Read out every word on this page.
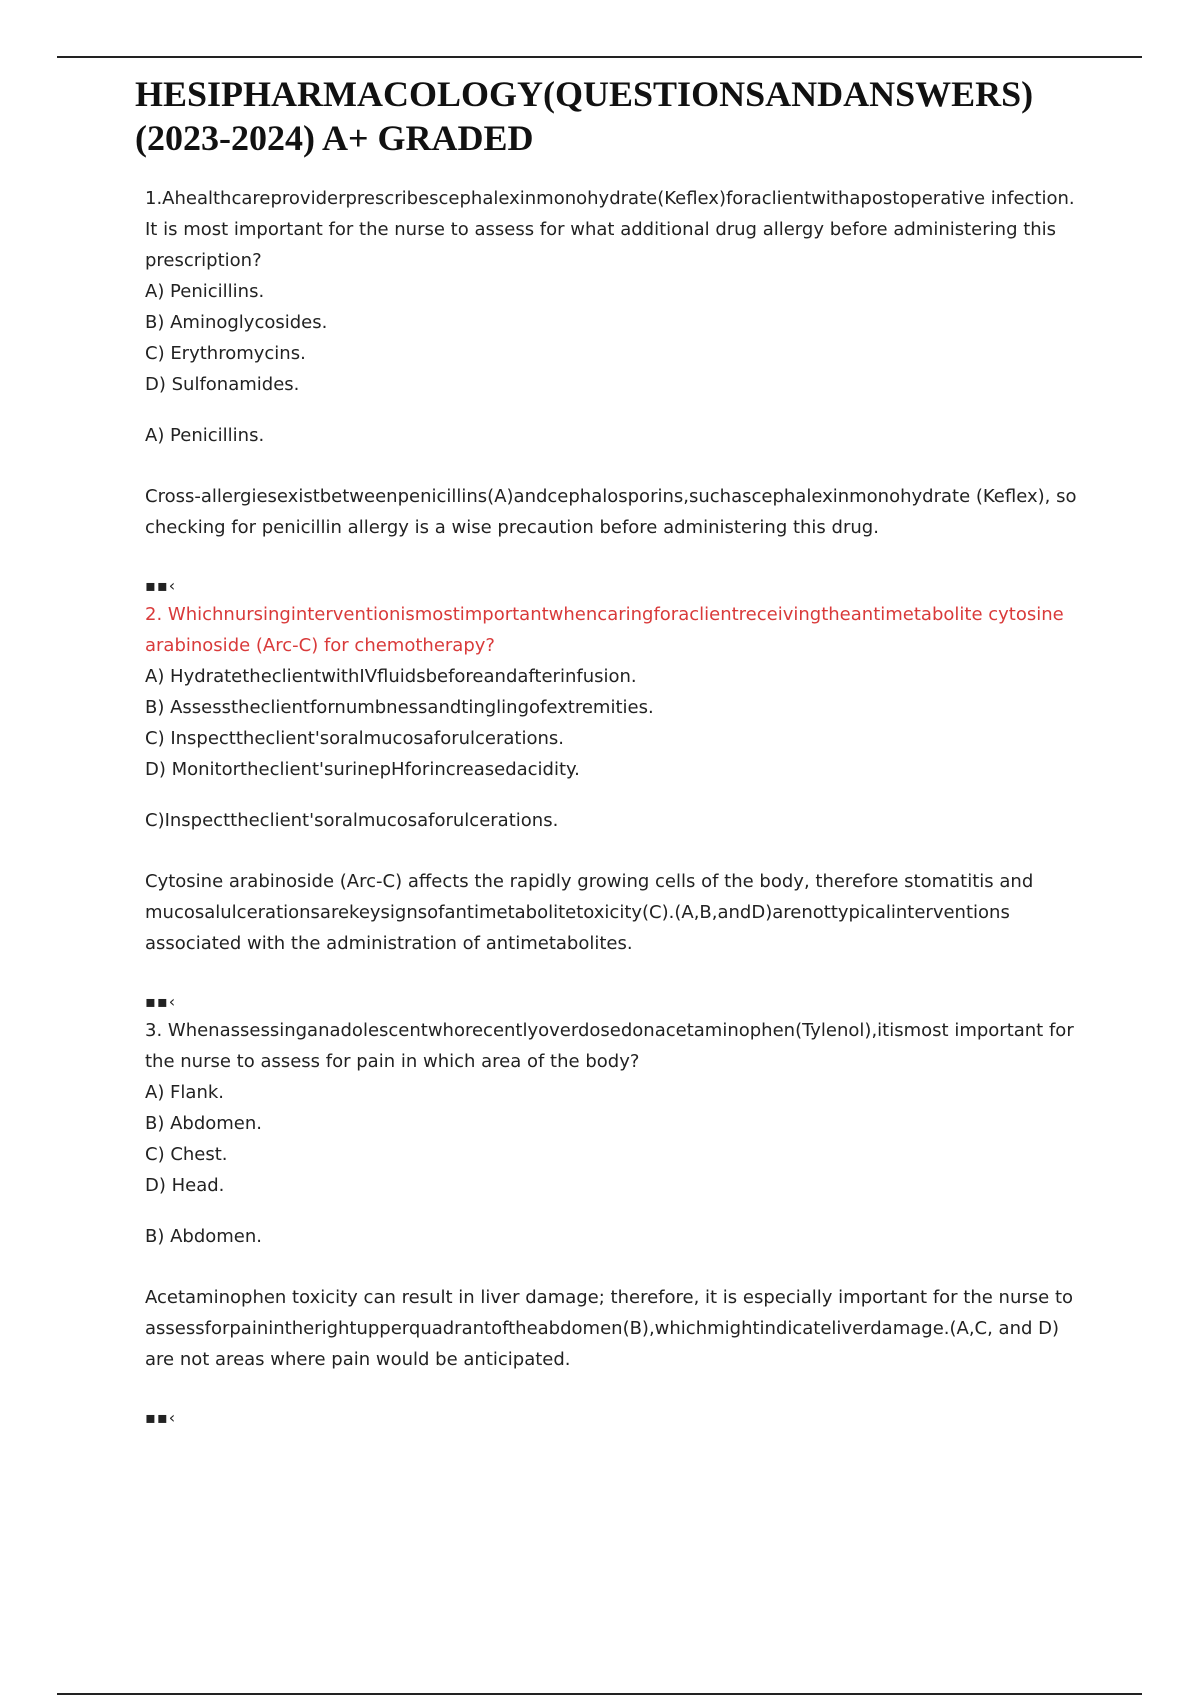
HESIPHARMACOLOGY(QUESTIONSANDANSWERS) (2023-2024) A+ GRADED

1.Ahealthcareproviderprescribescephalexinmonohydrate(Keflex)foraclientwithapostoperative infection. It is most important for the nurse to assess for what additional drug allergy before administering this prescription?

A) Penicillins.
B) Aminoglycosides.
C) Erythromycins.
D) Sulfonamides.

A) Penicillins.

Cross-allergiesexistbetweenpenicillins(A)andcephalosporins,suchascephalexinmonohydrate (Keflex), so checking for penicillin allergy is a wise precaution before administering this drug.

▪▪‹

2. Whichnursinginterventionismostimportantwhencaringforaclientreceivingtheantimetabolite cytosine arabinoside (Arc-C) for chemotherapy?

A) HydratetheclientwithIVfluidsbeforeandafterinfusion.
B) Assesstheclientfornumbnessandtinglingofextremities.
C) Inspecttheclient'soralmucosaforulcerations.
D) Monitortheclient'surinepHforincreasedacidity.

C)Inspecttheclient'soralmucosaforulcerations.

Cytosine arabinoside (Arc-C) affects the rapidly growing cells of the body, therefore stomatitis and mucosalulcerationsarekeysignsofantimetabolitetoxicity(C).(A,B,andD)arenottypicalinterventions associated with the administration of antimetabolites.

▪▪‹

3. Whenassessinganadolescentwhorecentlyoverdosedonacetaminophen(Tylenol),itismost important for the nurse to assess for pain in which area of the body?

A) Flank.
B) Abdomen.
C) Chest.
D) Head.

B) Abdomen.

Acetaminophen toxicity can result in liver damage; therefore, it is especially important for the nurse to assessforpainintherightupperquadrantoftheabdomen(B),whichmightindicateliverdamage.(A,C, and D) are not areas where pain would be anticipated.

▪▪‹
